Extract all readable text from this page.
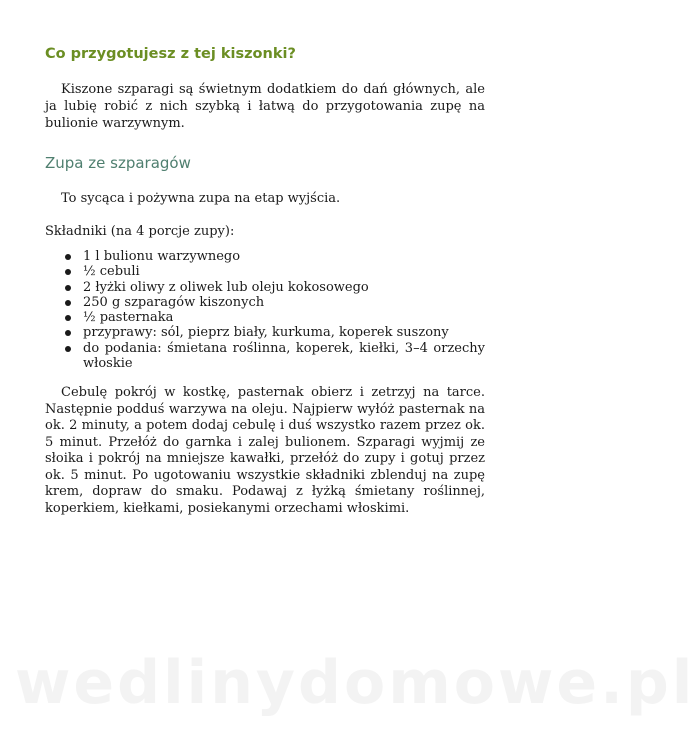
Co przygotujesz z tej kiszonki?

Kiszone szparagi są świetnym dodatkiem do dań głównych, ale ja lubię robić z nich szybką i łatwą do przygotowania zupę na bulionie warzywnym.

Zupa ze szparagów

To sycąca i pożywna zupa na etap wyjścia.

Składniki (na 4 porcje zupy):

1 l bulionu warzywnego
½ cebuli
2 łyżki oliwy z oliwek lub oleju kokosowego
250 g szparagów kiszonych
½ pasternaka
przyprawy: sól, pieprz biały, kurkuma, koperek suszony
do podania: śmietana roślinna, koperek, kiełki, 3–4 orzechy włoskie

Cebulę pokrój w kostkę, pasternak obierz i zetrzyj na tarce. Następnie podduś warzywa na oleju. Najpierw wyłóż pasternak na ok. 2 minuty, a potem dodaj cebulę i duś wszystko razem przez ok. 5 minut. Przełóż do garnka i zalej bulionem. Szparagi wyjmij ze słoika i pokrój na mniejsze kawałki, przełóż do zupy i gotuj przez ok. 5 minut. Po ugotowaniu wszystkie składniki zblenduj na zupę krem, dopraw do smaku. Podawaj z łyżką śmietany roślinnej, koperkiem, kiełkami, posiekanymi orzechami włoskimi.

wedlinydomowe.pl
